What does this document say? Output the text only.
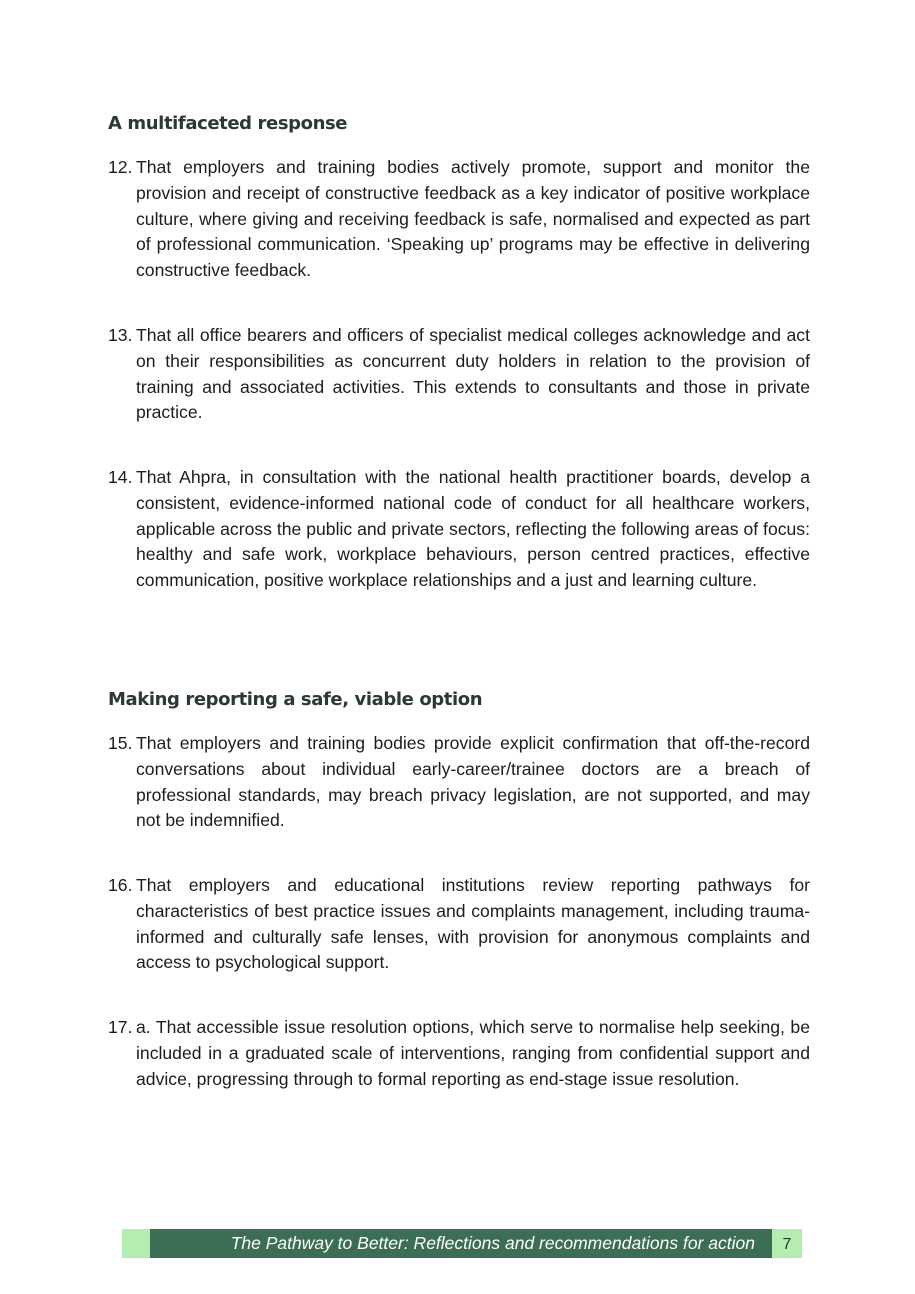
A multifaceted response
12. That employers and training bodies actively promote, support and monitor the provision and receipt of constructive feedback as a key indicator of positive workplace culture, where giving and receiving feedback is safe, normalised and expected as part of professional communication. ‘Speaking up’ programs may be effective in delivering constructive feedback.
13. That all office bearers and officers of specialist medical colleges acknowledge and act on their responsibilities as concurrent duty holders in relation to the provision of training and associated activities. This extends to consultants and those in private practice.
14. That Ahpra, in consultation with the national health practitioner boards, develop a consistent, evidence-informed national code of conduct for all healthcare workers, applicable across the public and private sectors, reflecting the following areas of focus: healthy and safe work, workplace behaviours, person centred practices, effective communication, positive workplace relationships and a just and learning culture.
Making reporting a safe, viable option
15. That employers and training bodies provide explicit confirmation that off-the-record conversations about individual early-career/trainee doctors are a breach of professional standards, may breach privacy legislation, are not supported, and may not be indemnified.
16. That employers and educational institutions review reporting pathways for characteristics of best practice issues and complaints management, including trauma-informed and culturally safe lenses, with provision for anonymous complaints and access to psychological support.
17. a. That accessible issue resolution options, which serve to normalise help seeking, be included in a graduated scale of interventions, ranging from confidential support and advice, progressing through to formal reporting as end-stage issue resolution.
The Pathway to Better: Reflections and recommendations for action	7
